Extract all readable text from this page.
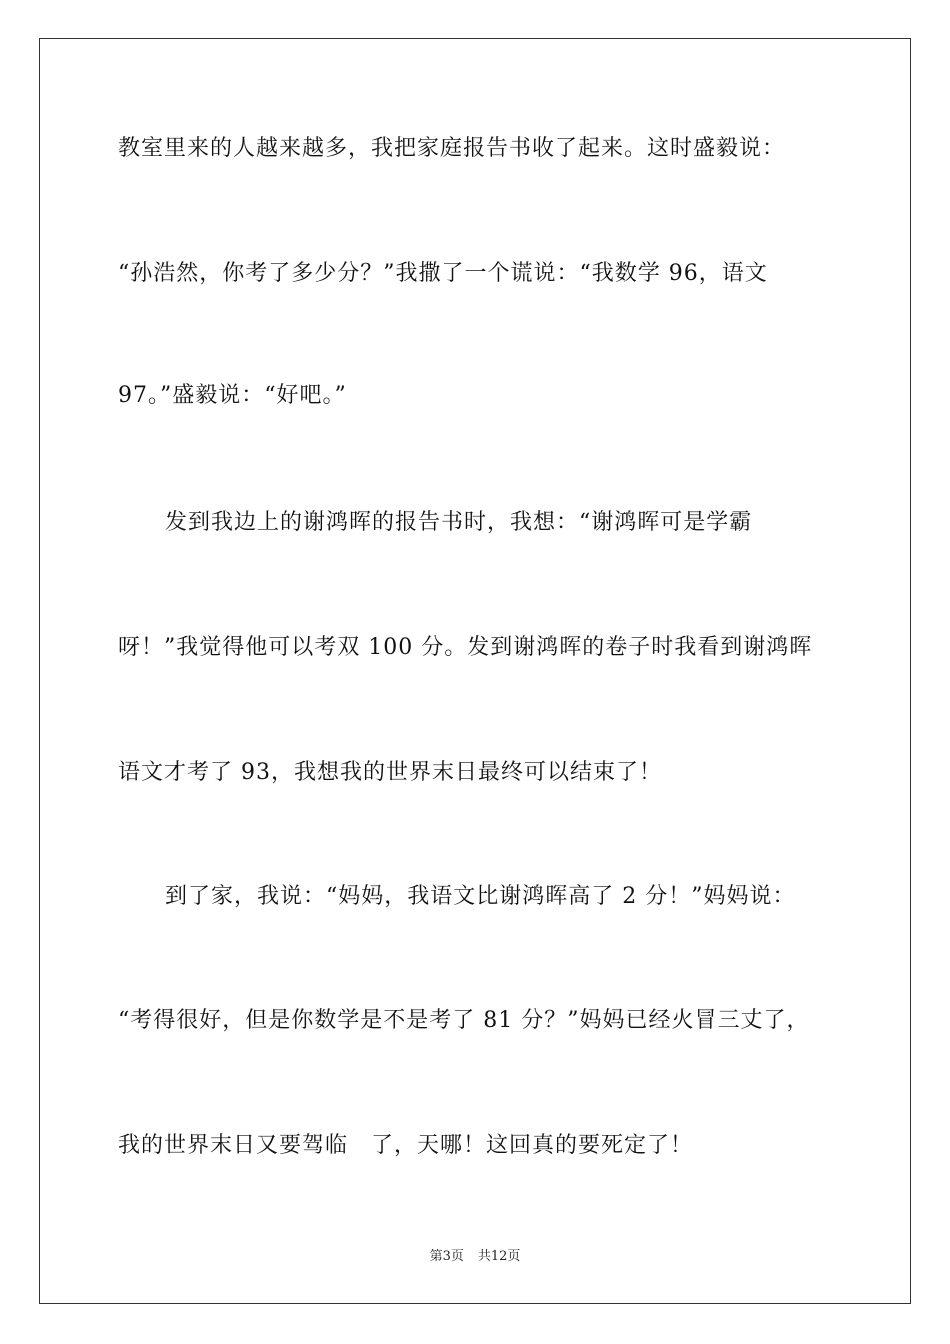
教室里来的人越来越多，我把家庭报告书收了起来。这时盛毅说：
“孙浩然，你考了多少分？”我撒了一个谎说：“我数学 96，语文
97。”盛毅说：“好吧。”
发到我边上的谢鸿晖的报告书时，我想：“谢鸿晖可是学霸
呀！”我觉得他可以考双 100 分。发到谢鸿晖的卷子时我看到谢鸿晖
语文才考了 93，我想我的世界末日最终可以结束了！
到了家，我说：“妈妈，我语文比谢鸿晖高了 2 分！”妈妈说：
“考得很好，但是你数学是不是考了 81 分？”妈妈已经火冒三丈了，
我的世界末日又要驾临　了，天哪！这回真的要死定了！
第3页 共12页
